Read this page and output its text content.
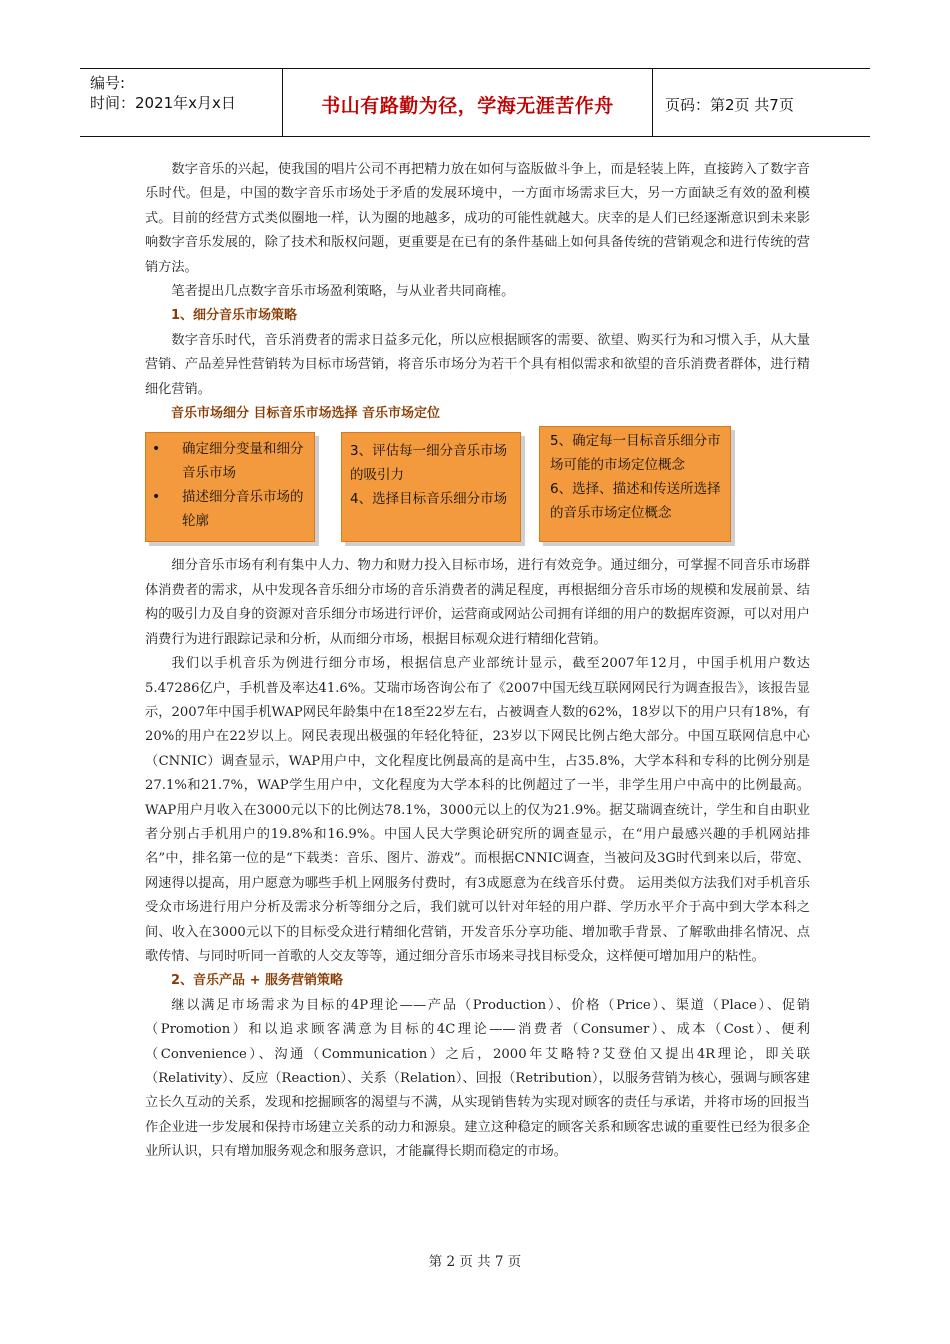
编号:
时间：2021年x月x日	书山有路勤为径，学海无涯苦作舟	页码：第2页 共7页

数字音乐的兴起，使我国的唱片公司不再把精力放在如何与盗版做斗争上，而是轻装上阵，直接跨入了数字音乐时代。但是，中国的数字音乐市场处于矛盾的发展环境中，一方面市场需求巨大，另一方面缺乏有效的盈利模式。目前的经营方式类似圈地一样，认为圈的地越多，成功的可能性就越大。庆幸的是人们已经逐渐意识到未来影响数字音乐发展的，除了技术和版权问题，更重要是在已有的条件基础上如何具备传统的营销观念和进行传统的营销方法。

笔者提出几点数字音乐市场盈利策略，与从业者共同商榷。

1、细分音乐市场策略

数字音乐时代，音乐消费者的需求日益多元化，所以应根据顾客的需要、欲望、购买行为和习惯入手，从大量营销、产品差异性营销转为目标市场营销，将音乐市场分为若干个具有相似需求和欲望的音乐消费者群体，进行精细化营销。

音乐市场细分 目标音乐市场选择 音乐市场定位

•	确定细分变量和细分音乐市场
•	描述细分音乐市场的轮廓
3、评估每一细分音乐市场的吸引力
4、选择目标音乐细分市场
5、确定每一目标音乐细分市场可能的市场定位概念
6、选择、描述和传送所选择的音乐市场定位概念

细分音乐市场有利有集中人力、物力和财力投入目标市场，进行有效竞争。通过细分，可掌握不同音乐市场群体消费者的需求，从中发现各音乐细分市场的音乐消费者的满足程度，再根据细分音乐市场的规模和发展前景、结构的吸引力及自身的资源对音乐细分市场进行评价，运营商或网站公司拥有详细的用户的数据库资源，可以对用户消费行为进行跟踪记录和分析，从而细分市场，根据目标观众进行精细化营销。

我们以手机音乐为例进行细分市场，根据信息产业部统计显示，截至2007年12月，中国手机用户数达5.47286亿户，手机普及率达41.6%。艾瑞市场咨询公布了《2007中国无线互联网网民行为调查报告》，该报告显示，2007年中国手机WAP网民年龄集中在18至22岁左右，占被调查人数的62%，18岁以下的用户只有18%，有20%的用户在22岁以上。网民表现出极强的年轻化特征，23岁以下网民比例占绝大部分。中国互联网信息中心（CNNIC）调查显示，WAP用户中，文化程度比例最高的是高中生，占35.8%，大学本科和专科的比例分别是27.1%和21.7%，WAP学生用户中，文化程度为大学本科的比例超过了一半，非学生用户中高中的比例最高。WAP用户月收入在3000元以下的比例达78.1%，3000元以上的仅为21.9%。据艾瑞调查统计，学生和自由职业者分别占手机用户的19.8%和16.9%。中国人民大学舆论研究所的调查显示，在“用户最感兴趣的手机网站排名”中，排名第一位的是“下载类：音乐、图片、游戏”。而根据CNNIC调查，当被问及3G时代到来以后，带宽、网速得以提高，用户愿意为哪些手机上网服务付费时，有3成愿意为在线音乐付费。 运用类似方法我们对手机音乐受众市场进行用户分析及需求分析等细分之后，我们就可以针对年轻的用户群、学历水平介于高中到大学本科之间、收入在3000元以下的目标受众进行精细化营销，开发音乐分享功能、增加歌手背景、了解歌曲排名情况、点歌传情、与同时听同一首歌的人交友等等，通过细分音乐市场来寻找目标受众，这样便可增加用户的粘性。

2、音乐产品 + 服务营销策略

继以满足市场需求为目标的4P理论——产品（Production）、价格（Price）、渠道（Place）、促销（Promotion）和以追求顾客满意为目标的4C理论——消费者（Consumer）、成本（Cost）、便利（Convenience）、沟通（Communication）之后，2000年艾略特?艾登伯又提出4R理论，即关联（Relativity）、反应（Reaction）、关系（Relation）、回报（Retribution），以服务营销为核心，强调与顾客建立长久互动的关系，发现和挖掘顾客的渴望与不满，从实现销售转为实现对顾客的责任与承诺，并将市场的回报当作企业进一步发展和保持市场建立关系的动力和源泉。建立这种稳定的顾客关系和顾客忠诚的重要性已经为很多企业所认识，只有增加服务观念和服务意识，才能赢得长期而稳定的市场。

第 2 页 共 7 页
